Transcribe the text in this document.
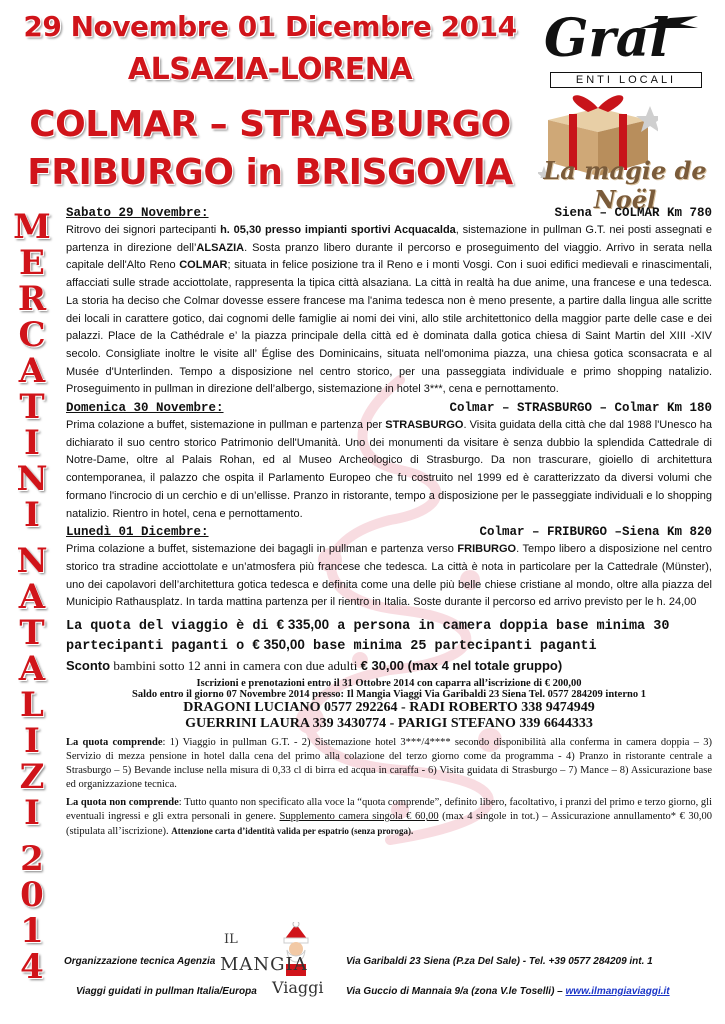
29 Novembre 01 Dicembre 2014
ALSAZIA-LORENA
COLMAR – STRASBURGO
FRIBURGO in BRISGOVIA
Gral
ENTI LOCALI
La magie de Noël
M
E
R
C
A
T
I
N
I
N
A
T
A
L
I
Z
I
2
0
1
4
Sabato 29 Novembre:	Siena – COLMAR Km 780
Ritrovo dei signori partecipanti h. 05,30 presso impianti sportivi Acquacalda, sistemazione in pullman G.T. nei posti assegnati e partenza in direzione dell’ALSAZIA. Sosta pranzo libero durante il percorso e proseguimento del viaggio. Arrivo in serata nella capitale dell'Alto Reno COLMAR; situata in felice posizione tra il Reno e i monti Vosgi. Con i suoi edifici medievali e rinascimentali, affacciati sulle strade acciottolate, rappresenta la tipica città alsaziana. La città in realtà ha due anime, una francese e una tedesca. La storia ha deciso che Colmar dovesse essere francese ma l'anima tedesca non è meno presente, a partire dalla lingua alle scritte dei locali in carattere gotico, dai cognomi delle famiglie ai nomi dei vini, allo stile architettonico della maggior parte delle case e dei palazzi. Place de la Cathédrale e’ la piazza principale della città ed è dominata dalla gotica chiesa di Saint Martin del XIII -XIV secolo. Consigliate inoltre le visite all’ Église des Dominicains, situata nell'omonima piazza, una chiesa gotica sconsacrata e al Musée d'Unterlinden. Tempo a disposizione nel centro storico, per una passeggiata individuale e primo shopping natalizio. Proseguimento in pullman in direzione dell’albergo, sistemazione in hotel 3***, cena e pernottamento.
Domenica 30 Novembre:	Colmar – STRASBURGO – Colmar Km 180
Prima colazione a buffet, sistemazione in pullman e partenza per STRASBURGO. Visita guidata della città che dal 1988 l'Unesco ha dichiarato il suo centro storico Patrimonio dell'Umanità. Uno dei monumenti da visitare è senza dubbio la splendida Cattedrale di Notre-Dame, oltre al Palais Rohan, ed al Museo Archeologico di Strasburgo. Da non trascurare, gioiello di architettura contemporanea, il palazzo che ospita il Parlamento Europeo che fu costruito nel 1999 ed è caratterizzato da diversi volumi che formano l'incrocio di un cerchio e di un’ellisse. Pranzo in ristorante, tempo a disposizione per le passeggiate individuali e lo shopping natalizio. Rientro in hotel, cena e pernottamento.
Lunedì 01 Dicembre:	Colmar – FRIBURGO –Siena Km 820
Prima colazione a buffet, sistemazione dei bagagli in pullman e partenza verso FRIBURGO. Tempo libero a disposizione nel centro storico tra stradine acciottolate e un’atmosfera più francese che tedesca. La città è nota in particolare per la Cattedrale (Münster), uno dei capolavori dell’architettura gotica tedesca e definita come una delle più belle chiese cristiane al mondo, oltre alla piazza del Municipio Rathausplatz. In tarda mattina partenza per il rientro in Italia. Soste durante il percorso ed arrivo previsto per le h. 24,00
La quota del viaggio è di € 335,00 a persona in camera doppia base minima 30 partecipanti paganti o € 350,00 base minima 25 partecipanti paganti
Sconto bambini sotto 12 anni in camera con due adulti € 30,00 (max 4 nel totale gruppo)
Iscrizioni e prenotazioni entro il 31 Ottobre 2014 con caparra all’iscrizione di € 200,00
Saldo entro il giorno 07 Novembre 2014 presso: Il Mangia Viaggi Via Garibaldi 23 Siena Tel. 0577 284209 interno 1
DRAGONI LUCIANO 0577 292264 - RADI ROBERTO 338 9474949
GUERRINI LAURA 339 3430774 - PARIGI STEFANO 339 6644333
La quota comprende: 1) Viaggio in pullman G.T. - 2) Sistemazione hotel 3***/4**** secondo disponibilità alla conferma in camera doppia – 3) Servizio di mezza pensione in hotel dalla cena del primo alla colazione del terzo giorno come da programma - 4) Pranzo in ristorante centrale a Strasburgo – 5) Bevande incluse nella misura di 0,33 cl di birra ed acqua in caraffa - 6) Visita guidata di Strasburgo – 7) Mance – 8) Assicurazione base ed organizzazione tecnica.
La quota non comprende: Tutto quanto non specificato alla voce la “quota comprende”, definito libero, facoltativo, i pranzi del primo e terzo giorno, gli eventuali ingressi e gli extra personali in genere. Supplemento camera singola € 60,00 (max 4 singole in tot.) – Assicurazione annullamento* € 30,00 (stipulata all’iscrizione). Attenzione carta d’identità valida per espatrio (senza proroga).
Organizzazione tecnica Agenzia
Viaggi guidati in pullman Italia/Europa
IL
MANGIA
Viaggi
Via Garibaldi 23 Siena (P.za Del Sale) - Tel. +39 0577 284209 int. 1
Via Guccio di Mannaia 9/a (zona V.le Toselli) – www.ilmangiaviaggi.it
